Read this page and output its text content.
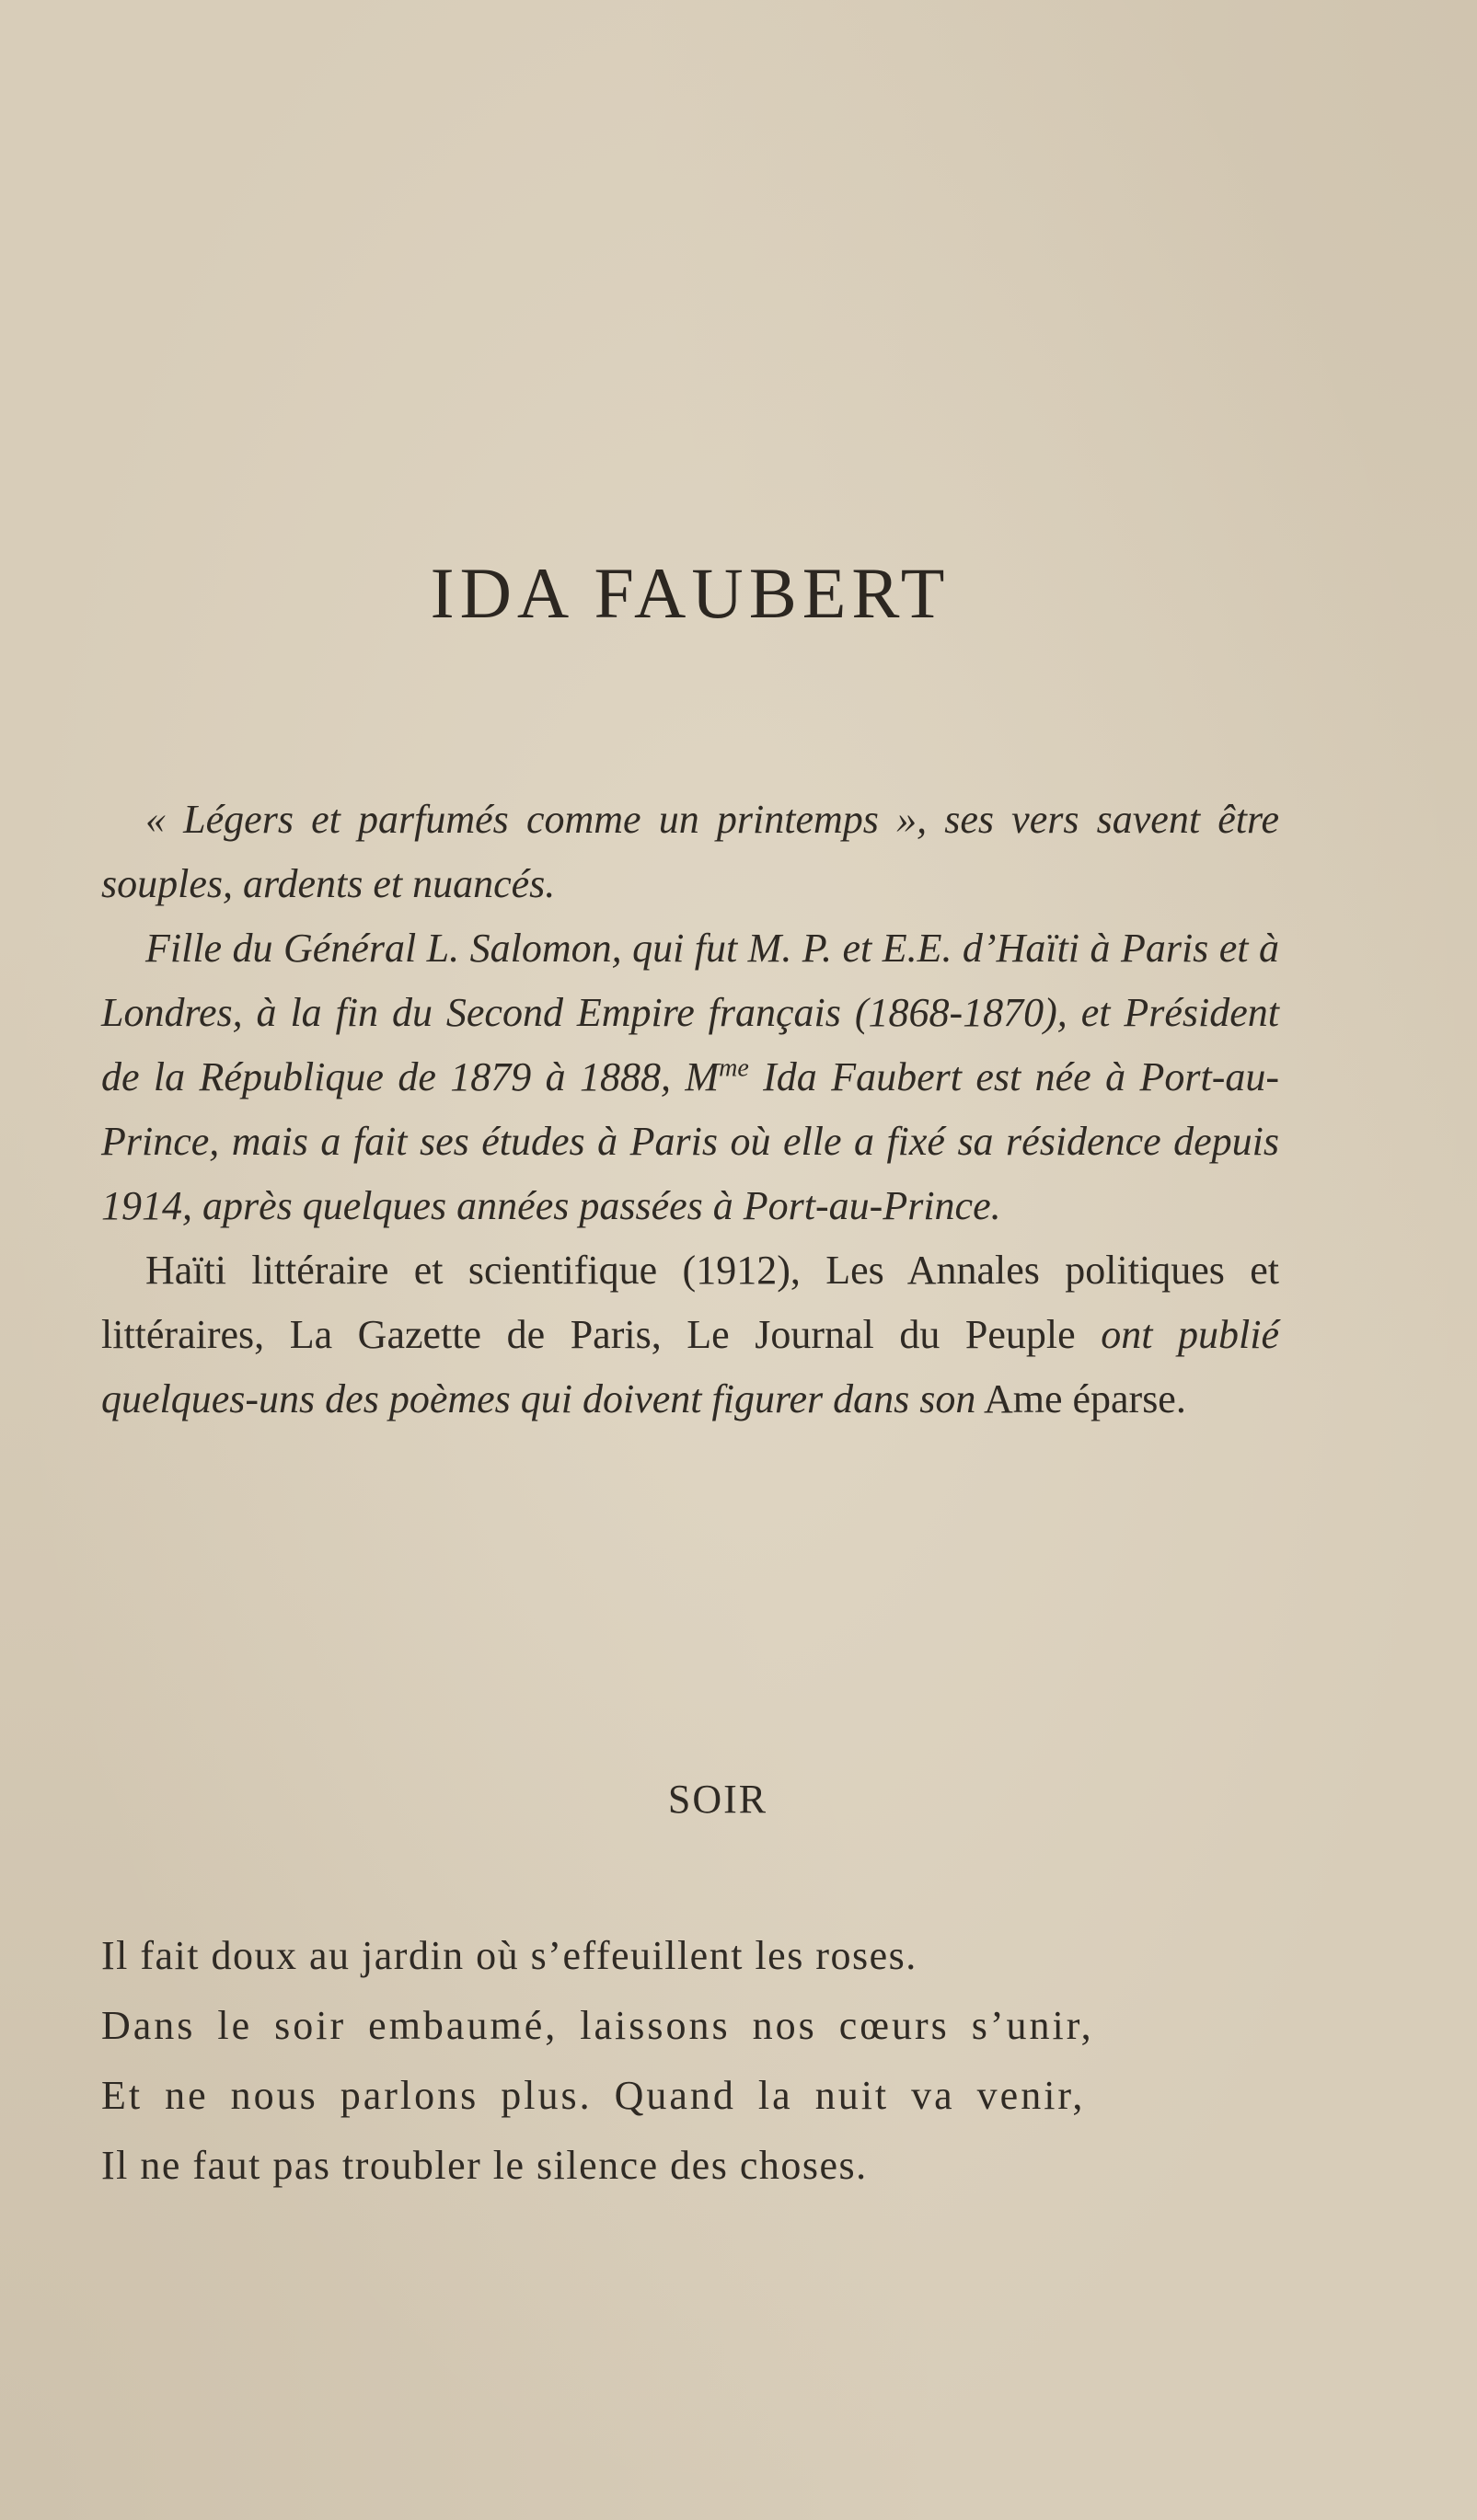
IDA FAUBERT

« Légers et parfumés comme un printemps », ses vers savent être souples, ardents et nuancés.

Fille du Général L. Salomon, qui fut M. P. et E.E. d’Haïti à Paris et à Londres, à la fin du Second Empire français (1868-1870), et Président de la République de 1879 à 1888, $M^{me}$ Ida Faubert est née à Port-au-Prince, mais a fait ses études à Paris où elle a fixé sa résidence depuis 1914, après quelques années passées à Port-au-Prince.

Haïti littéraire et scientifique (1912), Les Annales politiques et littéraires, La Gazette de Paris, Le Journal du Peuple ont publié quelques-uns des poèmes qui doivent figurer dans son Ame éparse.

SOIR
Il fait doux au jardin où s’effeuillent les roses.
Dans le soir embaumé, laissons nos cœurs s’unir,
Et ne nous parlons plus. Quand la nuit va venir,
Il ne faut pas troubler le silence des choses.
